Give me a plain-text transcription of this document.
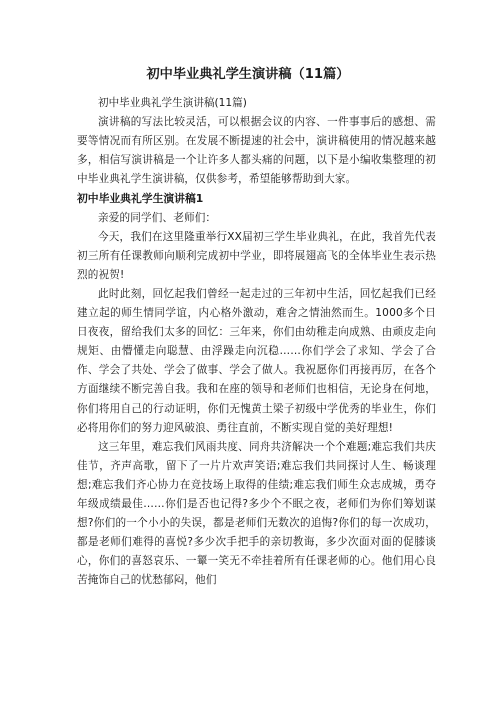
初中毕业典礼学生演讲稿（11篇）

初中毕业典礼学生演讲稿(11篇)

演讲稿的写法比较灵活，可以根据会议的内容、一件事事后的感想、需要等情况而有所区别。在发展不断提速的社会中，演讲稿使用的情况越来越多，相信写演讲稿是一个让许多人都头痛的问题，以下是小编收集整理的初中毕业典礼学生演讲稿，仅供参考，希望能够帮助到大家。

初中毕业典礼学生演讲稿1

亲爱的同学们、老师们：

今天，我们在这里隆重举行XX届初三学生毕业典礼，在此，我首先代表初三所有任课教师向顺利完成初中学业，即将展翅高飞的全体毕业生表示热烈的祝贺!

此时此刻，回忆起我们曾经一起走过的三年初中生活，回忆起我们已经建立起的师生情同学谊，内心格外激动，难舍之情油然而生。1000多个日日夜夜，留给我们太多的回忆：三年来，你们由幼稚走向成熟、由顽皮走向规矩、由懵懂走向聪慧、由浮躁走向沉稳……你们学会了求知、学会了合作、学会了共处、学会了做事、学会了做人。我祝愿你们再接再厉，在各个方面继续不断完善自我。我和在座的领导和老师们也相信，无论身在何地，你们将用自己的行动证明，你们无愧黄土梁子初级中学优秀的毕业生，你们必将用你们的努力迎风破浪、勇往直前，不断实现自觉的美好理想!

这三年里，难忘我们风雨共度、同舟共济解决一个个难题;难忘我们共庆佳节，齐声高歌，留下了一片片欢声笑语;难忘我们共同探讨人生、畅谈理想;难忘我们齐心协力在竞技场上取得的佳绩;难忘我们师生众志成城，勇夺年级成绩最佳……你们是否也记得?多少个不眠之夜，老师们为你们筹划谋想?你们的一个小小的失误，都是老师们无数次的追悔?你们的每一次成功，都是老师们难得的喜悦?多少次手把手的亲切教诲，多少次面对面的促膝谈心，你们的喜怒哀乐、一颦一笑无不牵挂着所有任课老师的心。他们用心良苦掩饰自己的忧愁郁闷，他们
